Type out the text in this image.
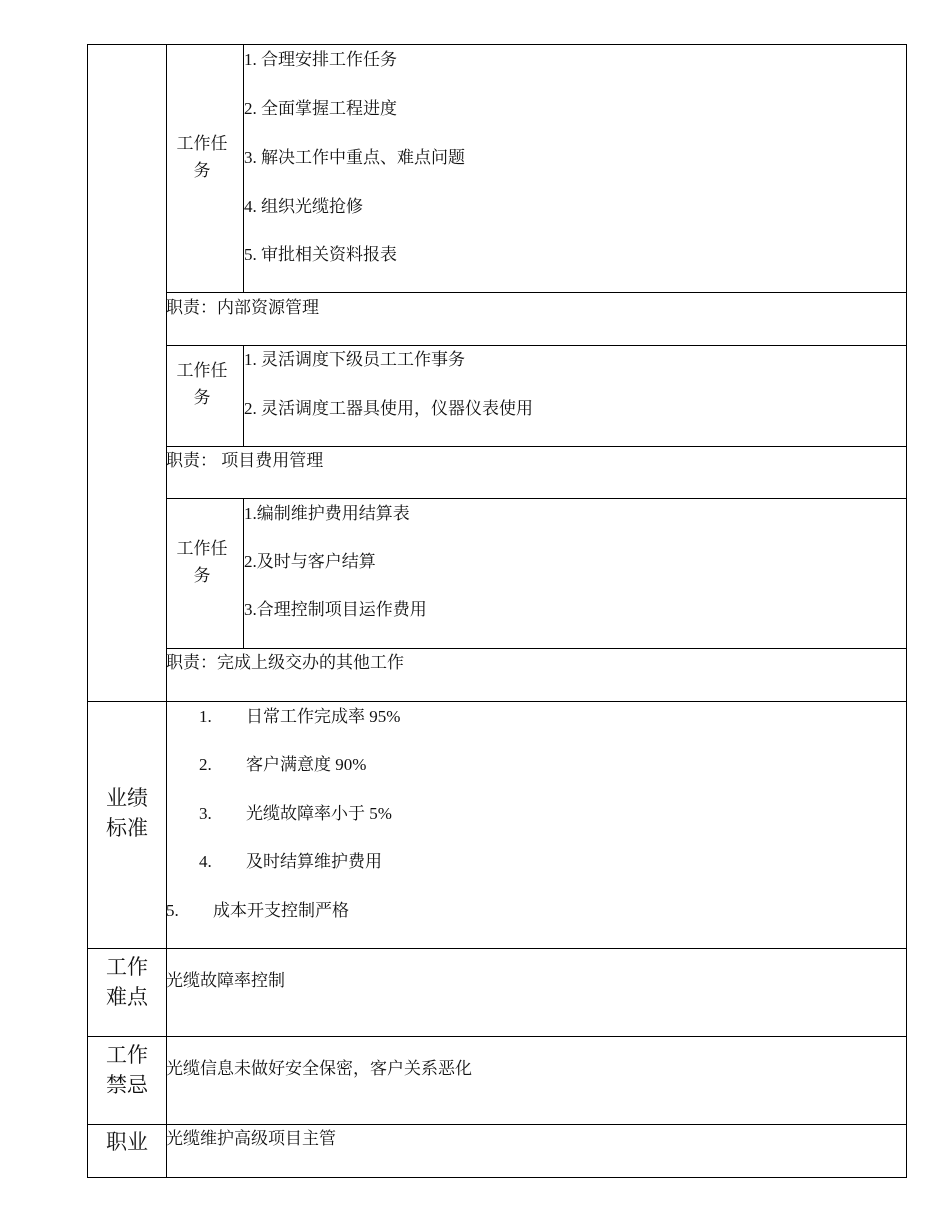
工作任务
1. 合理安排工作任务
2. 全面掌握工程进度
3. 解决工作中重点、难点问题
4. 组织光缆抢修
5. 审批相关资料报表
职责：内部资源管理
工作任务
1. 灵活调度下级员工工作事务
2. 灵活调度工器具使用，仪器仪表使用
职责： 项目费用管理
工作任务
1.编制维护费用结算表
2.及时与客户结算
3.合理控制项目运作费用
职责：完成上级交办的其他工作
业绩标准
1. 日常工作完成率 95%
2. 客户满意度 90%
3. 光缆故障率小于 5%
4. 及时结算维护费用
5. 成本开支控制严格
工作难点
光缆故障率控制
工作禁忌
光缆信息未做好安全保密，客户关系恶化
职业 光缆维护高级项目主管
